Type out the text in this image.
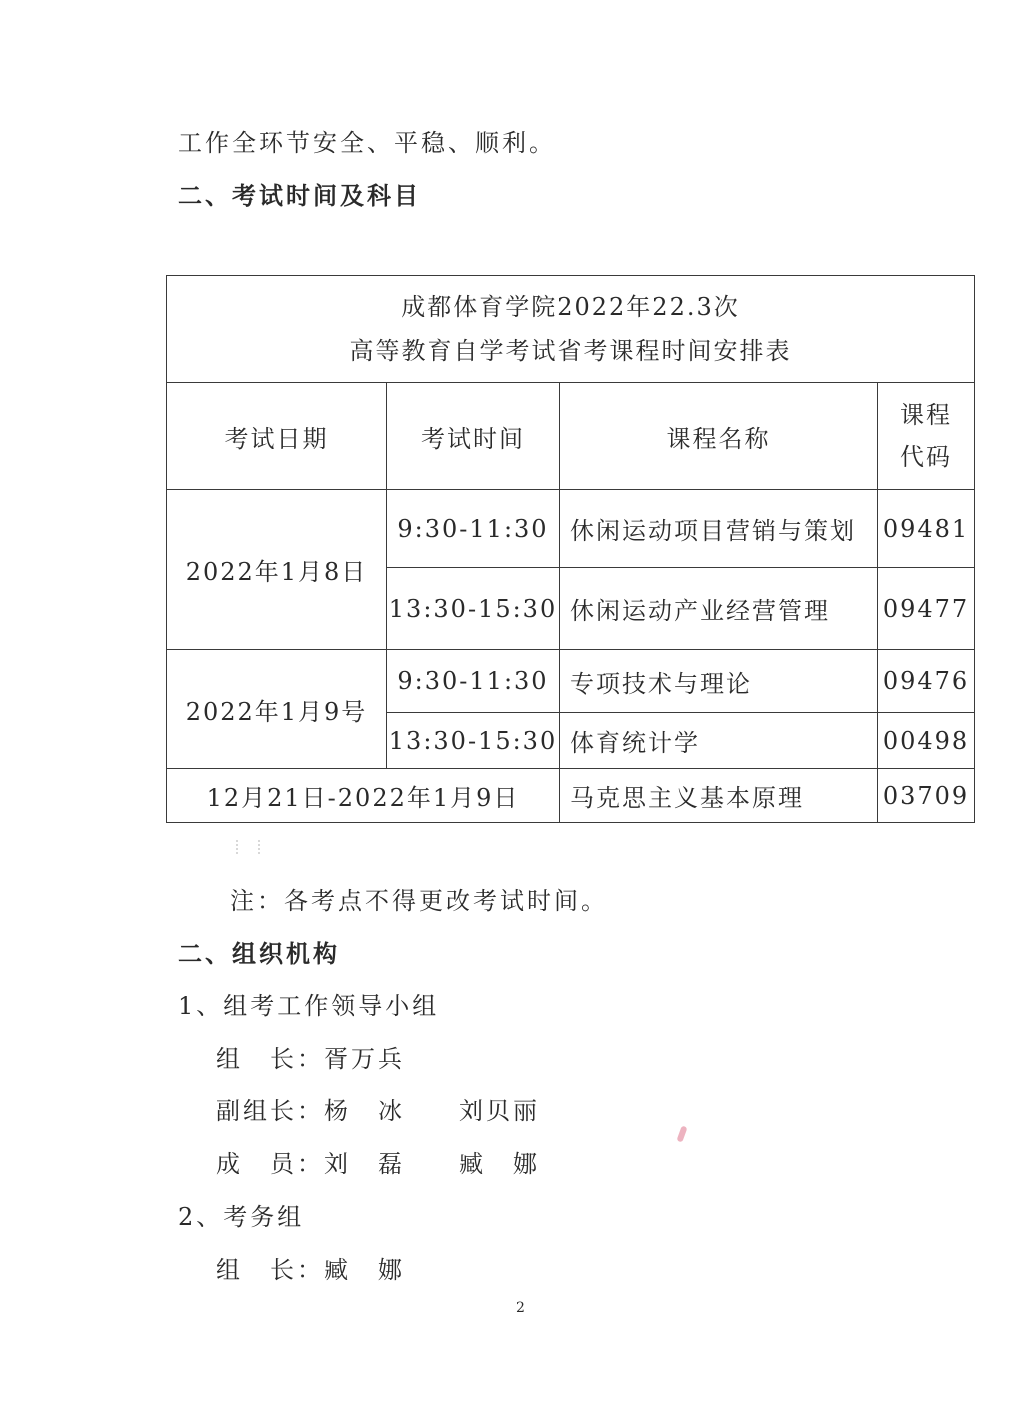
工作全环节安全、平稳、顺利。
二、考试时间及科目
成都体育学院2022年22.3次
高等教育自学考试省考课程时间安排表			

考试日期	考试时间	课程名称	课程
代码

2022年1月8日	9:30-11:30	休闲运动项目营销与策划	09481
	13:30-15:30	休闲运动产业经营管理	09477
2022年1月9号	9:30-11:30	专项技术与理论	09476
	13:30-15:30	体育统计学	00498
12月21日-2022年1月9日		马克思主义基本原理	03709
注：各考点不得更改考试时间。
二、组织机构
1、组考工作领导小组
组　长：胥万兵
副组长：杨　冰　　刘贝丽
成　员：刘　磊　　臧　娜
2、考务组
组　长：臧　娜
2
